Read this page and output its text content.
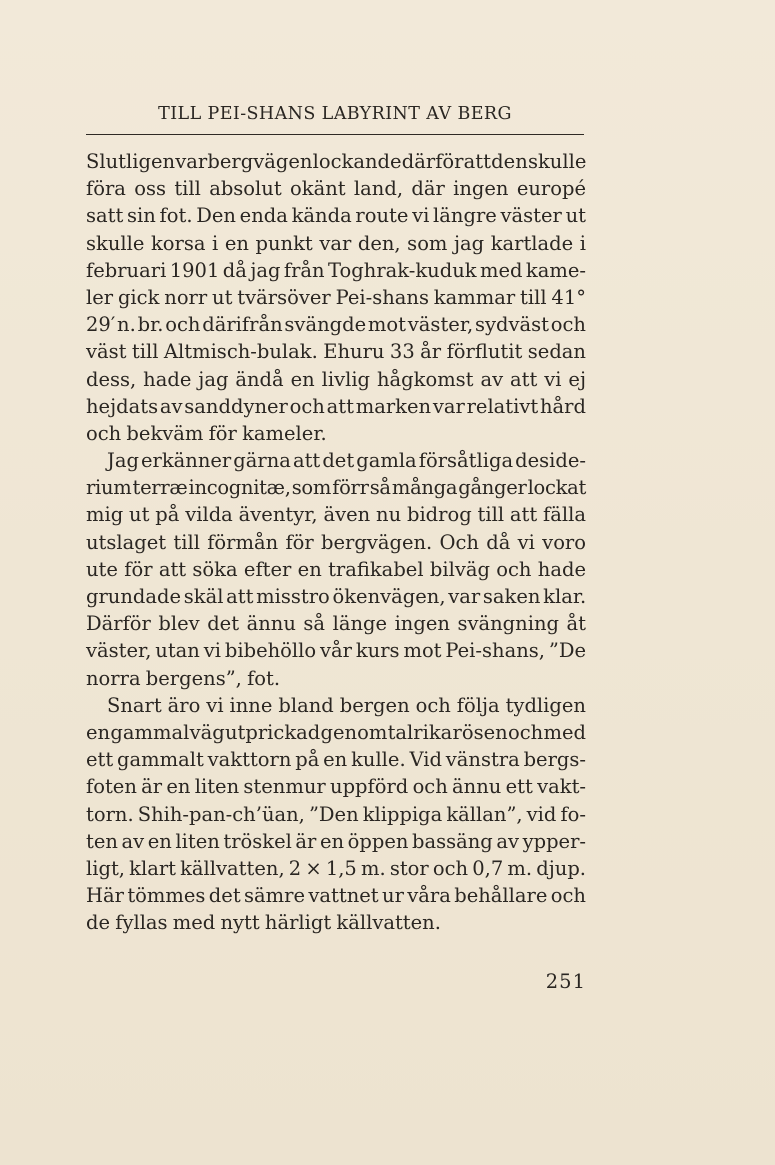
TILL PEI-SHANS LABYRINT AV BERG
Slutligen var bergvägen lockande därför att den skulle
föra oss till absolut okänt land, där ingen europé
satt sin fot. Den enda kända route vi längre väster ut
skulle korsa i en punkt var den, som jag kartlade i
februari 1901 då jag från Toghrak-kuduk med kame-
ler gick norr ut tvärsöver Pei-shans kammar till 41°
29′ n. br. och därifrån svängde mot väster, sydväst och
väst till Altmisch-bulak. Ehuru 33 år förflutit sedan
dess, hade jag ändå en livlig hågkomst av att vi ej
hejdats av sanddyner och att marken var relativt hård
och bekväm för kameler.
Jag erkänner gärna att det gamla försåtliga deside-
rium terræ incognitæ, som förr så många gånger lockat
mig ut på vilda äventyr, även nu bidrog till att fälla
utslaget till förmån för bergvägen. Och då vi voro
ute för att söka efter en trafikabel bilväg och hade
grundade skäl att misstro ökenvägen, var saken klar.
Därför blev det ännu så länge ingen svängning åt
väster, utan vi bibehöllo vår kurs mot Pei-shans, ”De
norra bergens”, fot.
Snart äro vi inne bland bergen och följa tydligen
en gammal väg utprickad genom talrika rösen och med
ett gammalt vakttorn på en kulle. Vid vänstra bergs-
foten är en liten stenmur uppförd och ännu ett vakt-
torn. Shih-pan-ch’üan, ”Den klippiga källan”, vid fo-
ten av en liten tröskel är en öppen bassäng av ypper-
ligt, klart källvatten, 2 × 1,5 m. stor och 0,7 m. djup.
Här tömmes det sämre vattnet ur våra behållare och
de fyllas med nytt härligt källvatten.
251
